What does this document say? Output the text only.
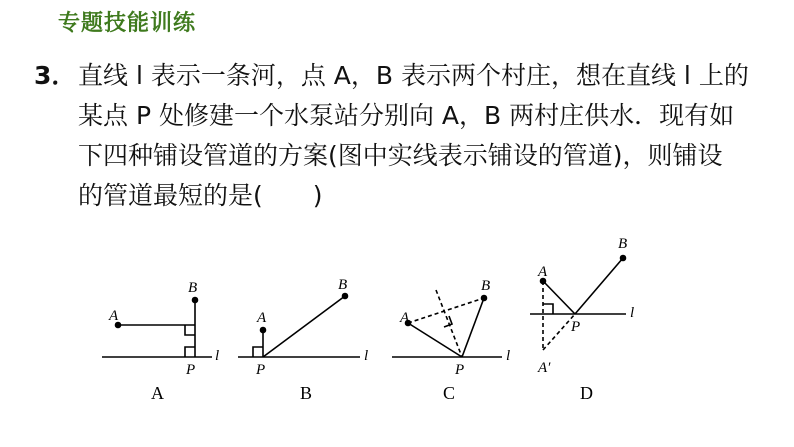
专题技能训练
3．直线 l 表示一条河，点 A，B 表示两个村庄，想在直线 l 上的
某点 P 处修建一个水泵站分别向 A，B 两村庄供水．现有如
下四种铺设管道的方案(图中实线表示铺设的管道)，则铺设
的管道最短的是(　　)
A
B
P
l
A
A
B
P
l
B
A
B
P
l
C
A
B
P
l
A′
D
